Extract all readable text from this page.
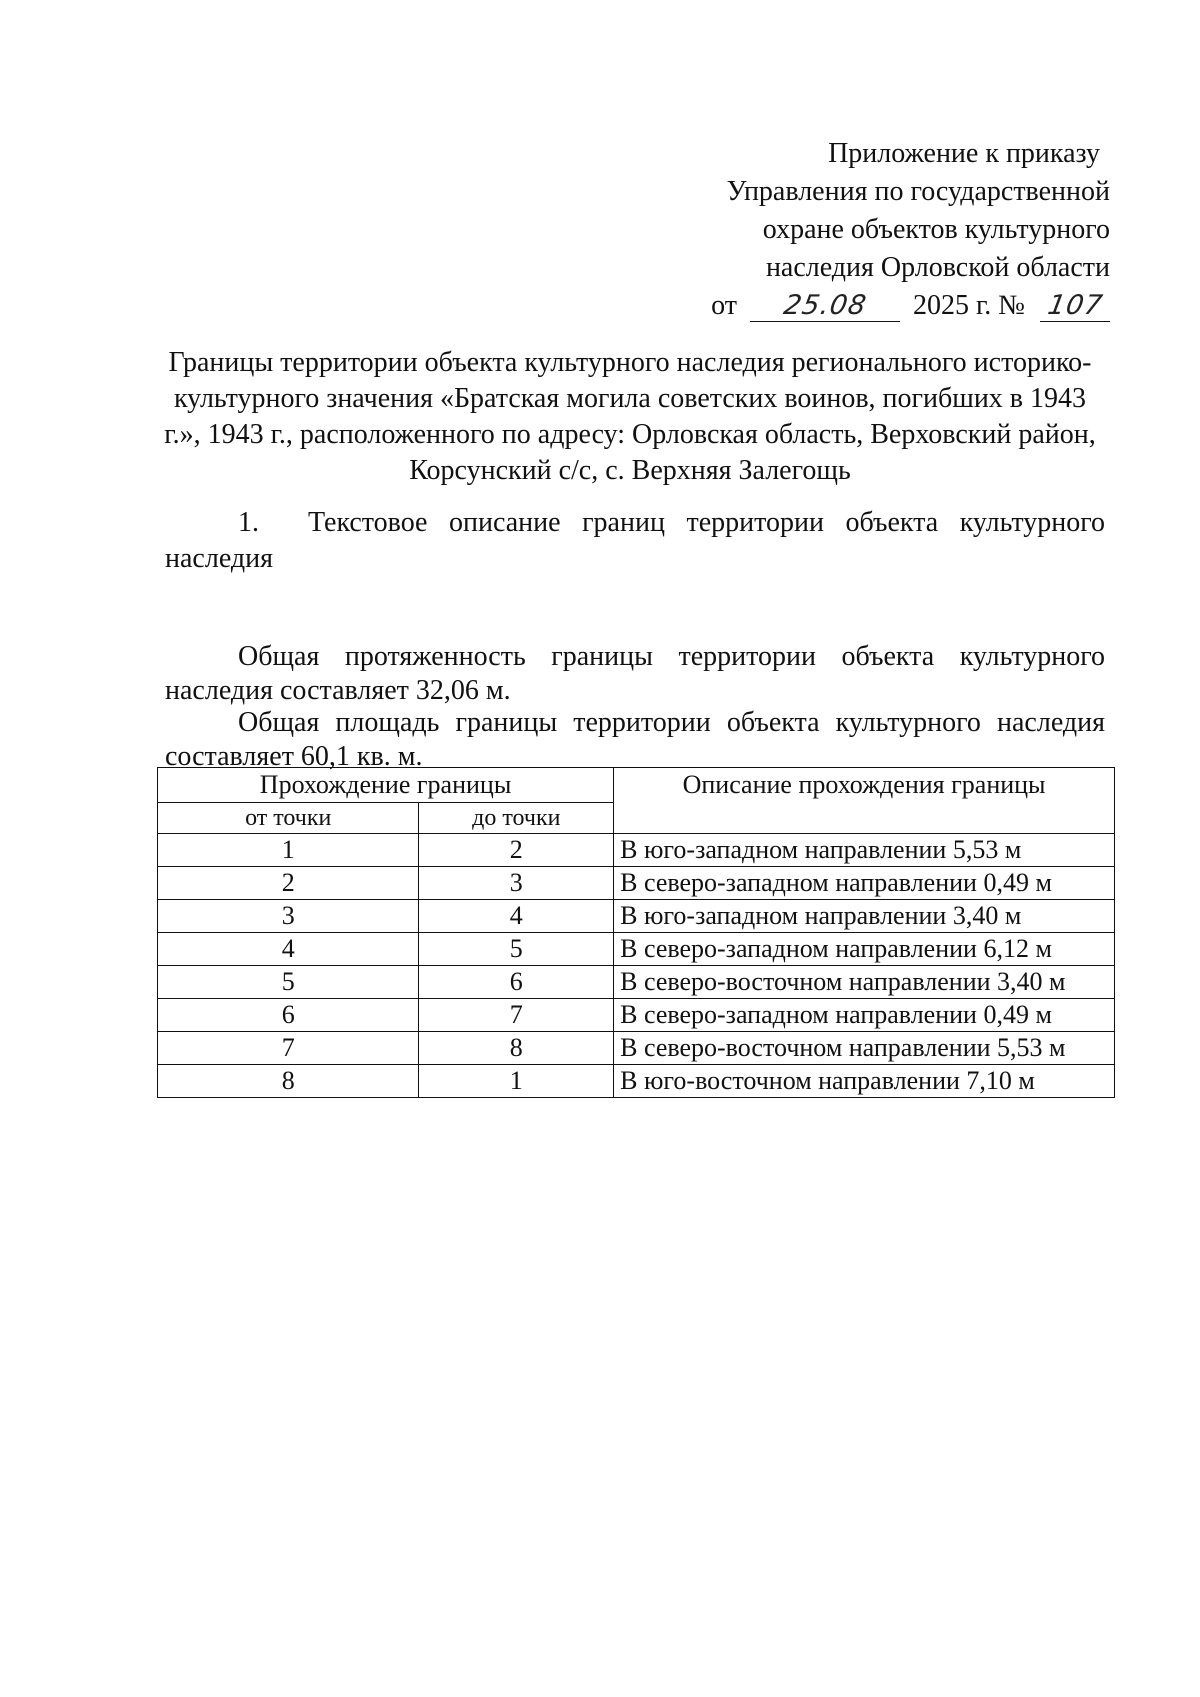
Приложение к приказу
Управления по государственной
охране объектов культурного
наследия Орловской области
от 25.08 2025 г. № 107
Границы территории объекта культурного наследия регионального историко-культурного значения «Братская могила советских воинов, погибших в 1943 г.», 1943 г., расположенного по адресу: Орловская область, Верховский район, Корсунский с/с, с. Верхняя Залегощь
1. Текстовое описание границ территории объекта культурного наследия
Общая протяженность границы территории объекта культурного наследия составляет 32,06 м.
Общая площадь границы территории объекта культурного наследия составляет 60,1 кв. м.
Прохождение границы		Описание прохождения границы
от точки	до точки	
1	2	В юго-западном направлении 5,53 м
2	3	В северо-западном направлении 0,49 м
3	4	В юго-западном направлении 3,40 м
4	5	В северо-западном направлении 6,12 м
5	6	В северо-восточном направлении 3,40 м
6	7	В северо-западном направлении 0,49 м
7	8	В северо-восточном направлении 5,53 м
8	1	В юго-восточном направлении 7,10 м
